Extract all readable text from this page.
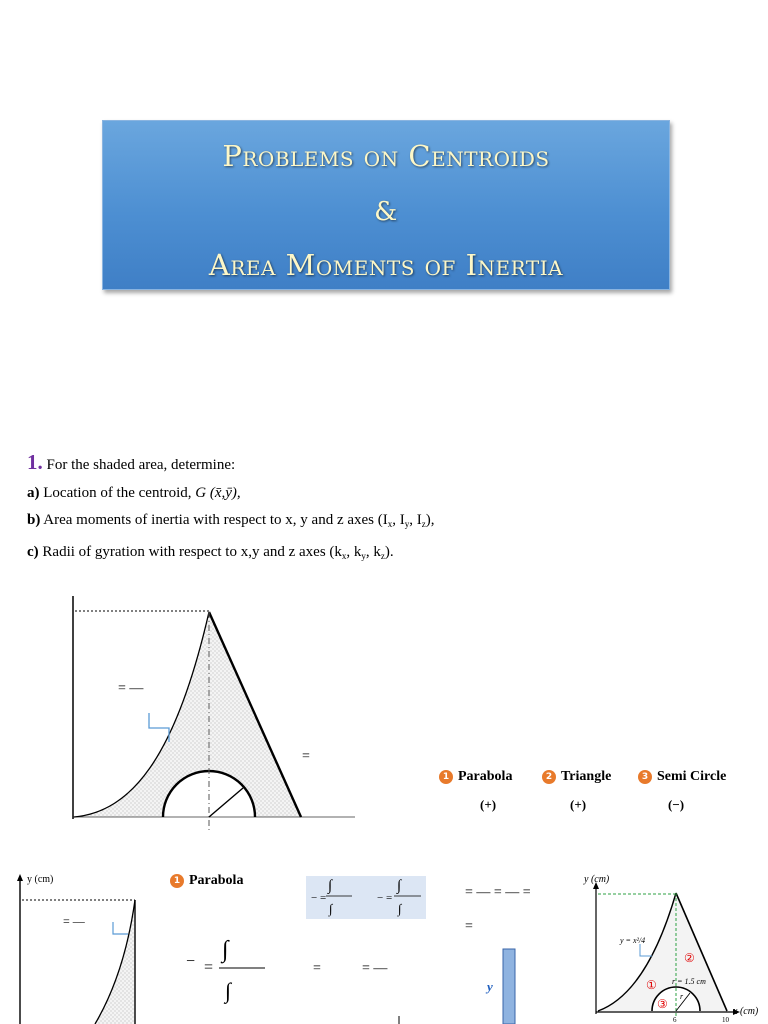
Problems on Centroids
&
Area Moments of Inertia
1. For the shaded area, determine:
a) Location of the centroid, G (x̄,ȳ),
b) Area moments of inertia with respect to x, y and z axes ($I_x$, $I_y$, $I_z$),
c) Radii of gyration with respect to x,y and z axes ($k_x$, $k_y$, $k_z$).
= —
=
= —
− =
∫
∫
− =
∫
∫
= — = — =
=
− =
∫
∫
=	= —
y (cm)
x (cm)
y = x²/4
r = 1.5 cm
r
6	10
①
②
③
y (cm)
y
1 Parabola	2 Triangle	3 Semi Circle
(+)	(+)	(−)
1 Parabola
